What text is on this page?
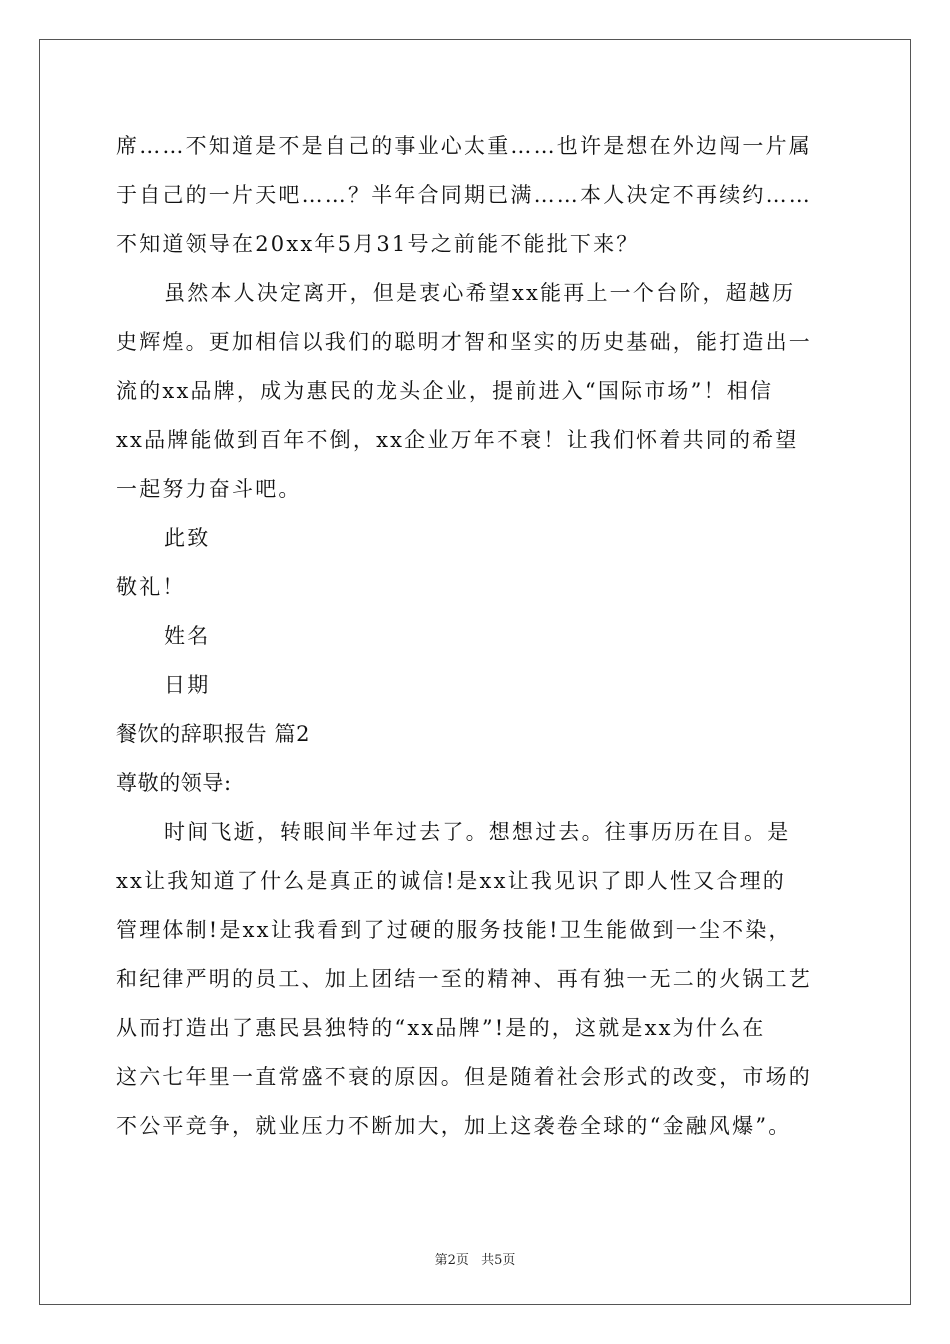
席……不知道是不是自己的事业心太重……也许是想在外边闯一片属
于自己的一片天吧……？半年合同期已满……本人决定不再续约……
不知道领导在20xx年5月31号之前能不能批下来？
虽然本人决定离开，但是衷心希望xx能再上一个台阶，超越历
史辉煌。更加相信以我们的聪明才智和坚实的历史基础，能打造出一
流的xx品牌，成为惠民的龙头企业，提前进入“国际市场”！相信
xx品牌能做到百年不倒，xx企业万年不衰！让我们怀着共同的希望
一起努力奋斗吧。
此致
敬礼！
姓名
日期
餐饮的辞职报告 篇2
尊敬的领导:
时间飞逝，转眼间半年过去了。想想过去。往事历历在目。是
xx让我知道了什么是真正的诚信!是xx让我见识了即人性又合理的
管理体制!是xx让我看到了过硬的服务技能!卫生能做到一尘不染，
和纪律严明的员工、加上团结一至的精神、再有独一无二的火锅工艺
从而打造出了惠民县独特的“xx品牌”!是的，这就是xx为什么在
这六七年里一直常盛不衰的原因。但是随着社会形式的改变，市场的
不公平竞争，就业压力不断加大，加上这袭卷全球的“金融风爆”。
第2页 共5页
